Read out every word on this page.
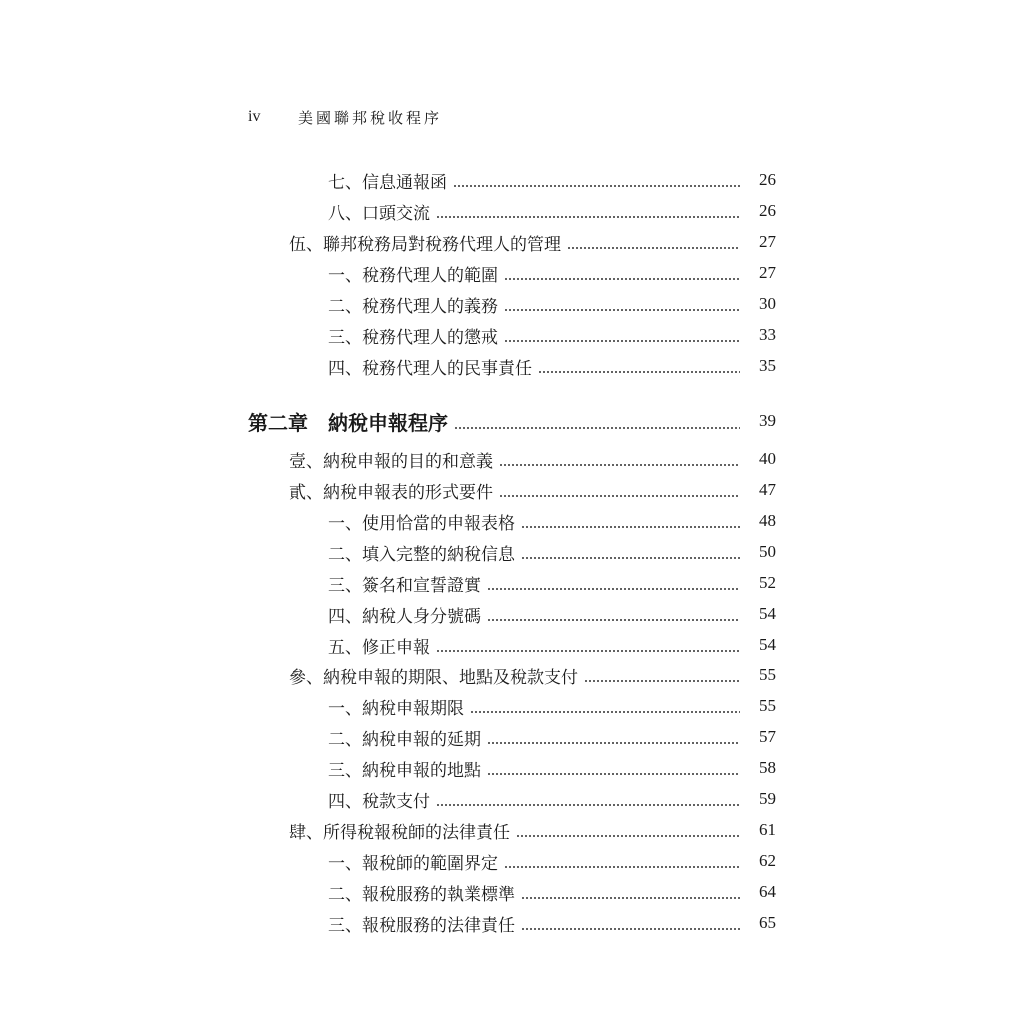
iv	美國聯邦稅收程序
七、信息通報函	26
八、口頭交流	26
伍、聯邦稅務局對稅務代理人的管理	27
一、稅務代理人的範圍	27
二、稅務代理人的義務	30
三、稅務代理人的懲戒	33
四、稅務代理人的民事責任	35
第二章 納稅申報程序	39
壹、納稅申報的目的和意義	40
貳、納稅申報表的形式要件	47
一、使用恰當的申報表格	48
二、填入完整的納稅信息	50
三、簽名和宣誓證實	52
四、納稅人身分號碼	54
五、修正申報	54
參、納稅申報的期限、地點及稅款支付	55
一、納稅申報期限	55
二、納稅申報的延期	57
三、納稅申報的地點	58
四、稅款支付	59
肆、所得稅報稅師的法律責任	61
一、報稅師的範圍界定	62
二、報稅服務的執業標準	64
三、報稅服務的法律責任	65
